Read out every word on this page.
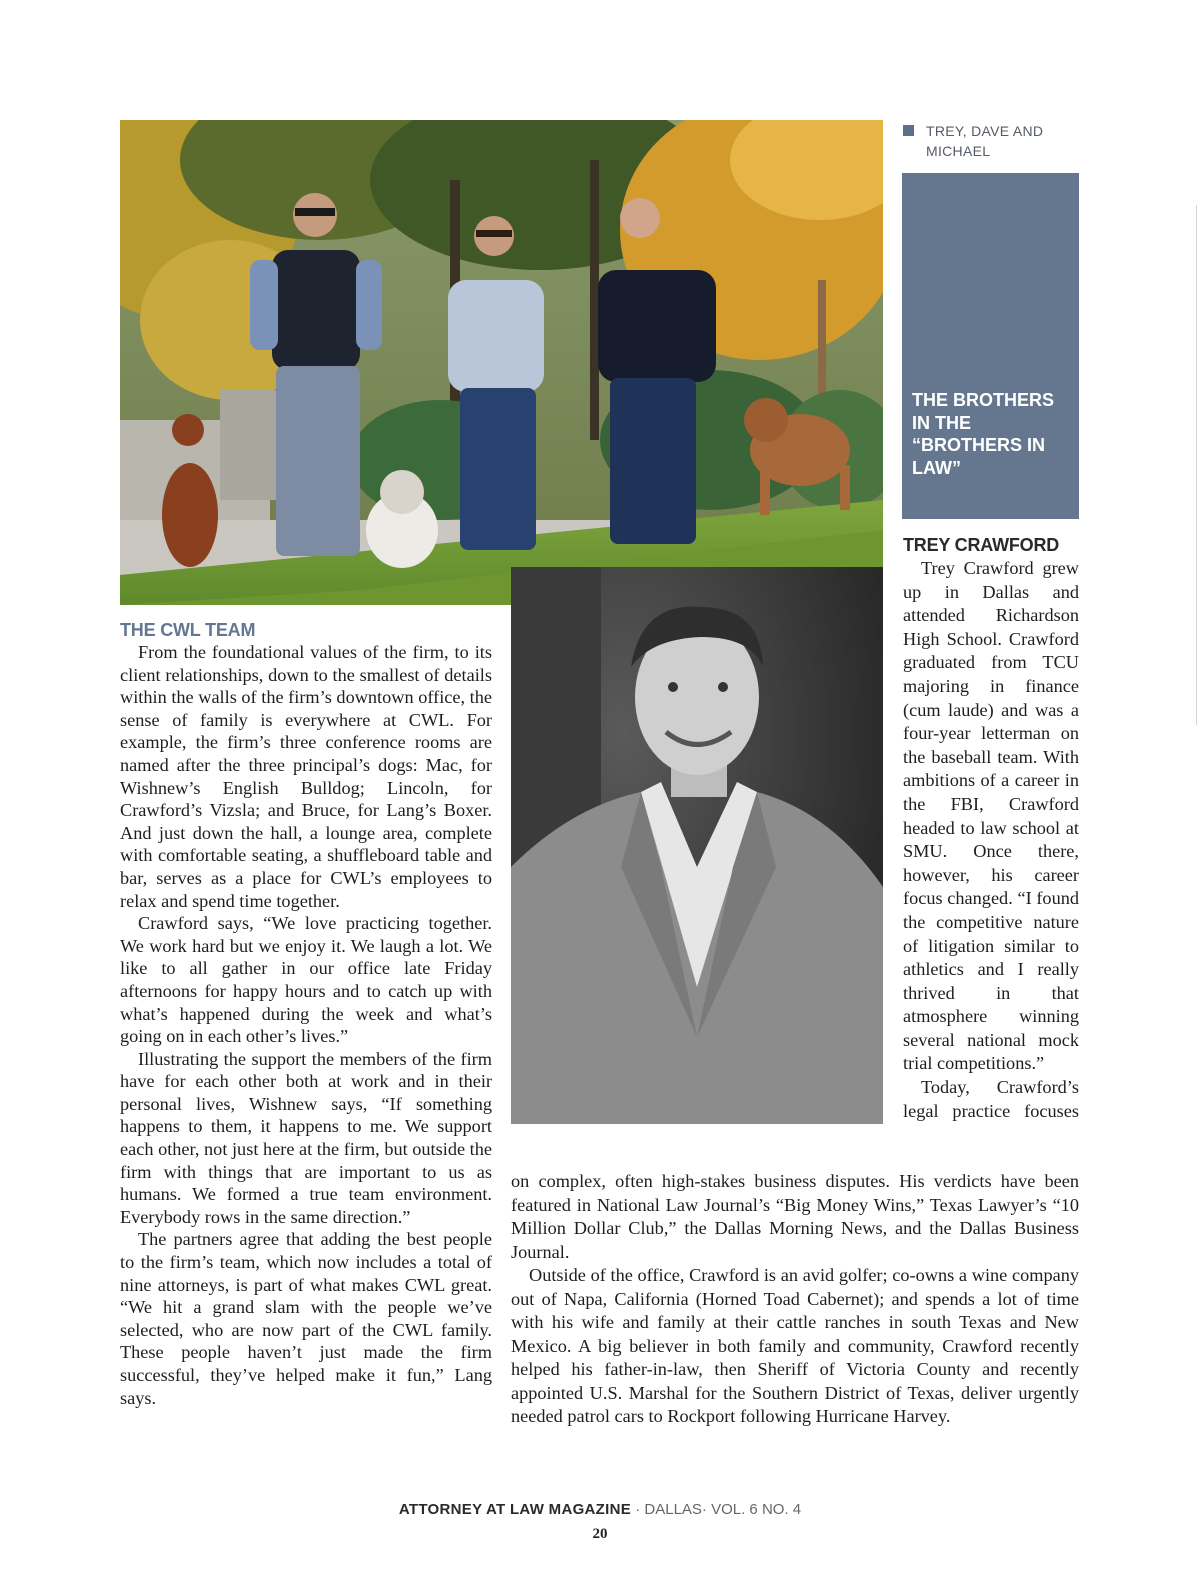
TREY, DAVE AND MICHAEL
THE BROTHERS IN THE “BROTHERS IN LAW”
THE CWL TEAM

From the foundational values of the firm, to its client relationships, down to the smallest of details within the walls of the firm’s downtown office, the sense of family is everywhere at CWL. For example, the firm’s three conference rooms are named after the three principal’s dogs: Mac, for Wishnew’s English Bulldog; Lincoln, for Crawford’s Vizsla; and Bruce, for Lang’s Boxer. And just down the hall, a lounge area, complete with comfortable seating, a shuffleboard table and bar, serves as a place for CWL’s employees to relax and spend time together.

Crawford says, “We love practicing together. We work hard but we enjoy it. We laugh a lot. We like to all gather in our office late Friday afternoons for happy hours and to catch up with what’s happened during the week and what’s going on in each other’s lives.”

Illustrating the support the members of the firm have for each other both at work and in their personal lives, Wishnew says, “If something happens to them, it happens to me. We support each other, not just here at the firm, but outside the firm with things that are important to us as humans. We formed a true team environment. Everybody rows in the same direction.”

The partners agree that adding the best people to the firm’s team, which now includes a total of nine attorneys, is part of what makes CWL great. “We hit a grand slam with the people we’ve selected, who are now part of the CWL family. These people haven’t just made the firm successful, they’ve helped make it fun,” Lang says.

TREY CRAWFORD

Trey Crawford grew up in Dallas and attended Richardson High School. Crawford graduated from TCU majoring in finance (cum laude) and was a four-year letterman on the baseball team. With ambitions of a career in the FBI, Crawford headed to law school at SMU. Once there, however, his career focus changed. “I found the competitive nature of litigation similar to athletics and I really thrived in that atmosphere winning several national mock trial competitions.”

Today, Crawford’s legal practice focuses

on complex, often high-stakes business disputes. His verdicts have been featured in National Law Journal’s “Big Money Wins,” Texas Lawyer’s “10 Million Dollar Club,” the Dallas Morning News, and the Dallas Business Journal.

Outside of the office, Crawford is an avid golfer; co-owns a wine company out of Napa, California (Horned Toad Cabernet); and spends a lot of time with his wife and family at their cattle ranches in south Texas and New Mexico. A big believer in both family and community, Crawford recently helped his father-in-law, then Sheriff of Victoria County and recently appointed U.S. Marshal for the Southern District of Texas, deliver urgently needed patrol cars to Rockport following Hurricane Harvey.

ATTORNEY AT LAW MAGAZINE · DALLAS· VOL. 6 NO. 4
20
